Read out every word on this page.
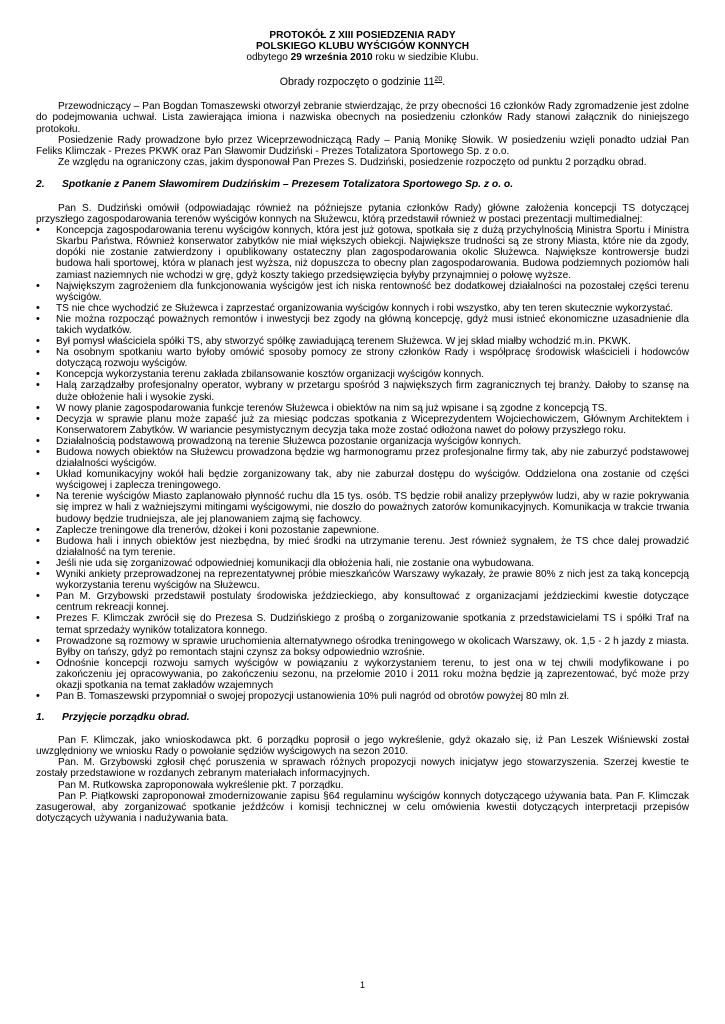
PROTOKÓŁ Z XIII POSIEDZENIA RADY
POLSKIEGO KLUBU WYŚCIGÓW KONNYCH
odbytego 29 września 2010 roku w siedzibie Klubu.
Obrady rozpoczęto o godzinie $11^{20}$.

Przewodniczący – Pan Bogdan Tomaszewski otworzył zebranie stwierdzając, że przy obecności 16 członków Rady zgromadzenie jest zdolne do podejmowania uchwał. Lista zawierająca imiona i nazwiska obecnych na posiedzeniu członków Rady stanowi załącznik do niniejszego protokołu.

Posiedzenie Rady prowadzone było przez Wiceprzewodniczącą Rady – Panią Monikę Słowik. W posiedzeniu wzięli ponadto udział Pan Feliks Klimczak - Prezes PKWK oraz Pan Sławomir Dudziński - Prezes Totalizatora Sportowego Sp. z o.o.

Ze względu na ograniczony czas, jakim dysponował Pan Prezes S. Dudziński, posiedzenie rozpoczęto od punktu 2 porządku obrad.

2.	Spotkanie z Panem Sławomirem Dudzińskim – Prezesem Totalizatora Sportowego Sp. z o. o.

Pan S. Dudziński omówił (odpowiadając również na późniejsze pytania członków Rady) główne założenia koncepcji TS dotyczącej przyszłego zagospodarowania terenów wyścigów konnych na Służewcu, którą przedstawił również w postaci prezentacji multimedialnej:

• Koncepcja zagospodarowania terenu wyścigów konnych, która jest już gotowa, spotkała się z dużą przychylnością Ministra Sportu i Ministra Skarbu Państwa. Również konserwator zabytków nie miał większych obiekcji. Największe trudności są ze strony Miasta, które nie da zgody, dopóki nie zostanie zatwierdzony i opublikowany ostateczny plan zagospodarowania okolic Służewca. Największe kontrowersje budzi budowa hali sportowej, która w planach jest wyższa, niż dopuszcza to obecny plan zagospodarowania. Budowa podziemnych poziomów hali zamiast naziemnych nie wchodzi w grę, gdyż koszty takiego przedsięwzięcia byłyby przynajmniej o połowę wyższe.
• Największym zagrożeniem dla funkcjonowania wyścigów jest ich niska rentowność bez dodatkowej działalności na pozostałej części terenu wyścigów.
• TS nie chce wychodzić ze Służewca i zaprzestać organizowania wyścigów konnych i robi wszystko, aby ten teren skutecznie wykorzystać.
• Nie można rozpocząć poważnych remontów i inwestycji bez zgody na główną koncepcję, gdyż musi istnieć ekonomiczne uzasadnienie dla takich wydatków.
• Był pomysł właściciela spółki TS, aby stworzyć spółkę zawiadującą terenem Służewca. W jej skład miałby wchodzić m.in. PKWK.
• Na osobnym spotkaniu warto byłoby omówić sposoby pomocy ze strony członków Rady i współpracę środowisk właścicieli i hodowców dotyczącą rozwoju wyścigów.
• Koncepcja wykorzystania terenu zakłada zbilansowanie kosztów organizacji wyścigów konnych.
• Halą zarządzałby profesjonalny operator, wybrany w przetargu spośród 3 największych firm zagranicznych tej branży. Dałoby to szansę na duże obłożenie hali i wysokie zyski.
• W nowy planie zagospodarowania funkcje terenów Służewca i obiektów na nim są już wpisane i są zgodne z koncepcją TS.
• Decyzja w sprawie planu może zapaść już za miesiąc podczas spotkania z Wiceprezydentem Wojciechowiczem, Głównym Architektem i Konserwatorem Zabytków. W wariancie pesymistycznym decyzja taka może zostać odłożona nawet do połowy przyszłego roku.
• Działalnością podstawową prowadzoną na terenie Służewca pozostanie organizacja wyścigów konnych.
• Budowa nowych obiektów na Służewcu prowadzona będzie wg harmonogramu przez profesjonalne firmy tak, aby nie zaburzyć podstawowej działalności wyścigów.
• Układ komunikacyjny wokół hali będzie zorganizowany tak, aby nie zaburzał dostępu do wyścigów. Oddzielona ona zostanie od części wyścigowej i zaplecza treningowego.
• Na terenie wyścigów Miasto zaplanowało płynność ruchu dla 15 tys. osób. TS będzie robił analizy przepływów ludzi, aby w razie pokrywania się imprez w hali z ważniejszymi mitingami wyścigowymi, nie doszło do poważnych zatorów komunikacyjnych. Komunikacja w trakcie trwania budowy będzie trudniejsza, ale jej planowaniem zajmą się fachowcy.
• Zaplecze treningowe dla trenerów, dżokei i koni pozostanie zapewnione.
• Budowa hali i innych obiektów jest niezbędna, by mieć środki na utrzymanie terenu. Jest również sygnałem, że TS chce dalej prowadzić działalność na tym terenie.
• Jeśli nie uda się zorganizować odpowiedniej komunikacji dla obłożenia hali, nie zostanie ona wybudowana.
• Wyniki ankiety przeprowadzonej na reprezentatywnej próbie mieszkańców Warszawy wykazały, że prawie 80% z nich jest za taką koncepcją wykorzystania terenu wyścigów na Służewcu.
• Pan M. Grzybowski przedstawił postulaty środowiska jeździeckiego, aby konsultować z organizacjami jeździeckimi kwestie dotyczące centrum rekreacji konnej.
• Prezes F. Klimczak zwrócił się do Prezesa S. Dudzińskiego z prośbą o zorganizowanie spotkania z przedstawicielami TS i spółki Traf na temat sprzedaży wyników totalizatora konnego.
• Prowadzone są rozmowy w sprawie uruchomienia alternatywnego ośrodka treningowego w okolicach Warszawy, ok. 1,5 - 2 h jazdy z miasta. Byłby on tańszy, gdyż po remontach stajni czynsz za boksy odpowiednio wzrośnie.
• Odnośnie koncepcji rozwoju samych wyścigów w powiązaniu z wykorzystaniem terenu, to jest ona w tej chwili modyfikowane i po zakończeniu jej opracowywania, po zakończeniu sezonu, na przełomie 2010 i 2011 roku można będzie ją zaprezentować, być może przy okazji spotkania na temat zakładów wzajemnych
• Pan B. Tomaszewski przypomniał o swojej propozycji ustanowienia 10% puli nagród od obrotów powyżej 80 mln zł.
1.	Przyjęcie porządku obrad.

Pan F. Klimczak, jako wnioskodawca pkt. 6 porządku poprosił o jego wykreślenie, gdyż okazało się, iż Pan Leszek Wiśniewski został uwzględniony we wniosku Rady o powołanie sędziów wyścigowych na sezon 2010.

Pan. M. Grzybowski zgłosił chęć poruszenia w sprawach różnych propozycji nowych inicjatyw jego stowarzyszenia. Szerzej kwestie te zostały przedstawione w rozdanych zebranym materiałach informacyjnych.

Pan M. Rutkowska zaproponowała wykreślenie pkt. 7 porządku.

Pan P. Piątkowski zaproponował zmodernizowanie zapisu §64 regulaminu wyścigów konnych dotyczącego używania bata. Pan F. Klimczak zasugerował, aby zorganizować spotkanie jeźdźców i komisji technicznej w celu omówienia kwestii dotyczących interpretacji przepisów dotyczących używania i nadużywania bata.

1
